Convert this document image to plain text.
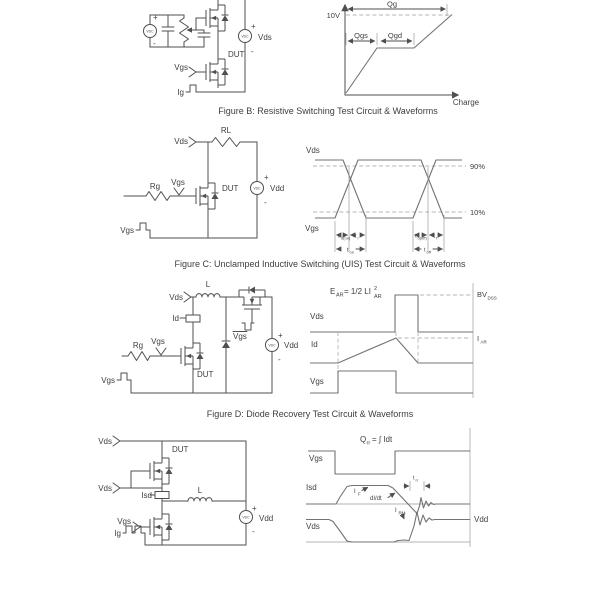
VDC
+
-
DUT
Vgs
Ig
VDC
+
Vds
-
Charge
10V
Qg
Qgs	Qgd
Figure B: Resistive Switching Test Circuit & Waveforms
Vds
RL
VDC
+
Vdd
-
DUT
Rg Vgs
Vgs
Vds
Vgs
90%
10%
t d(on) t r
t on
t d(off) t f
t off
Figure C: Unclamped Inductive Switching (UIS) Test Circuit & Waveforms
Vds
L
Vgs
VDC
+
Vdd
-
Id
DUT
Rg Vgs
Vgs
E AR = 1/2 LI 2
AR
Vds
BV DSS
Id
I AR
Vgs
Figure D: Diode Recovery Test Circuit & Waveforms
Vds
DUT
Vds
Isd
L
VDC
+
Vdd
-
Vgs
Ig
Q rr = ∫ Idt
Vgs
Isd	I F
dI/dt
t rr
I RM
Vds
Vdd
